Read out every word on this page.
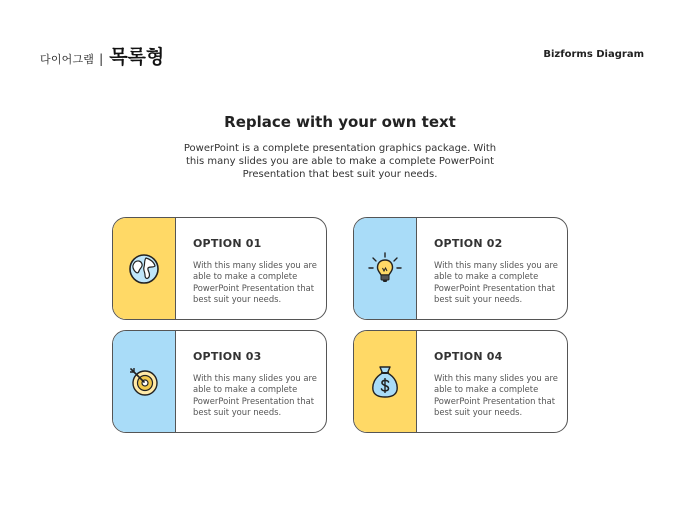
다이어그램 | 목록형	Bizforms Diagram
Replace with your own text
PowerPoint is a complete presentation graphics package. With this many slides you are able to make a complete PowerPoint Presentation that best suit your needs.
OPTION 01
With this many slides you are able to make a complete PowerPoint Presentation that best suit your needs.
OPTION 02
With this many slides you are able to make a complete PowerPoint Presentation that best suit your needs.
OPTION 03
With this many slides you are able to make a complete PowerPoint Presentation that best suit your needs.
OPTION 04
With this many slides you are able to make a complete PowerPoint Presentation that best suit your needs.
